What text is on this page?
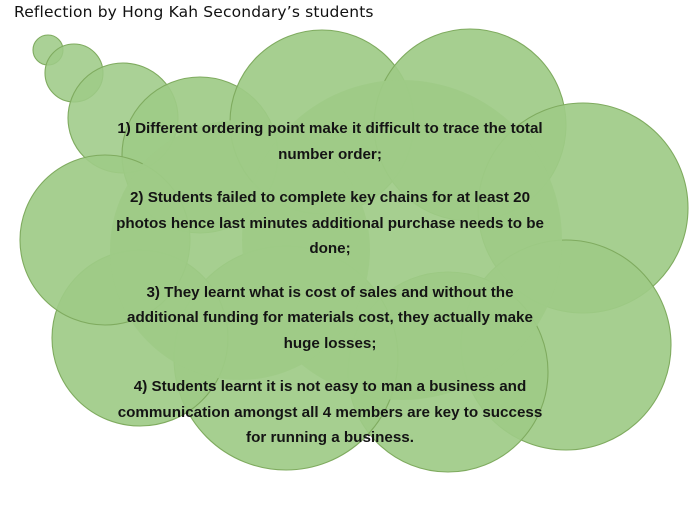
Reflection by Hong Kah Secondary’s students

1) Different ordering point make it difficult to trace the total number order;

2) Students failed to complete key chains for at least 20 photos hence last minutes additional purchase needs to be done;

3) They learnt what is cost of sales and without the additional funding for materials cost, they actually make huge losses;

4) Students learnt it is not easy to man a business and communication amongst all 4 members are key to success for running a business.
